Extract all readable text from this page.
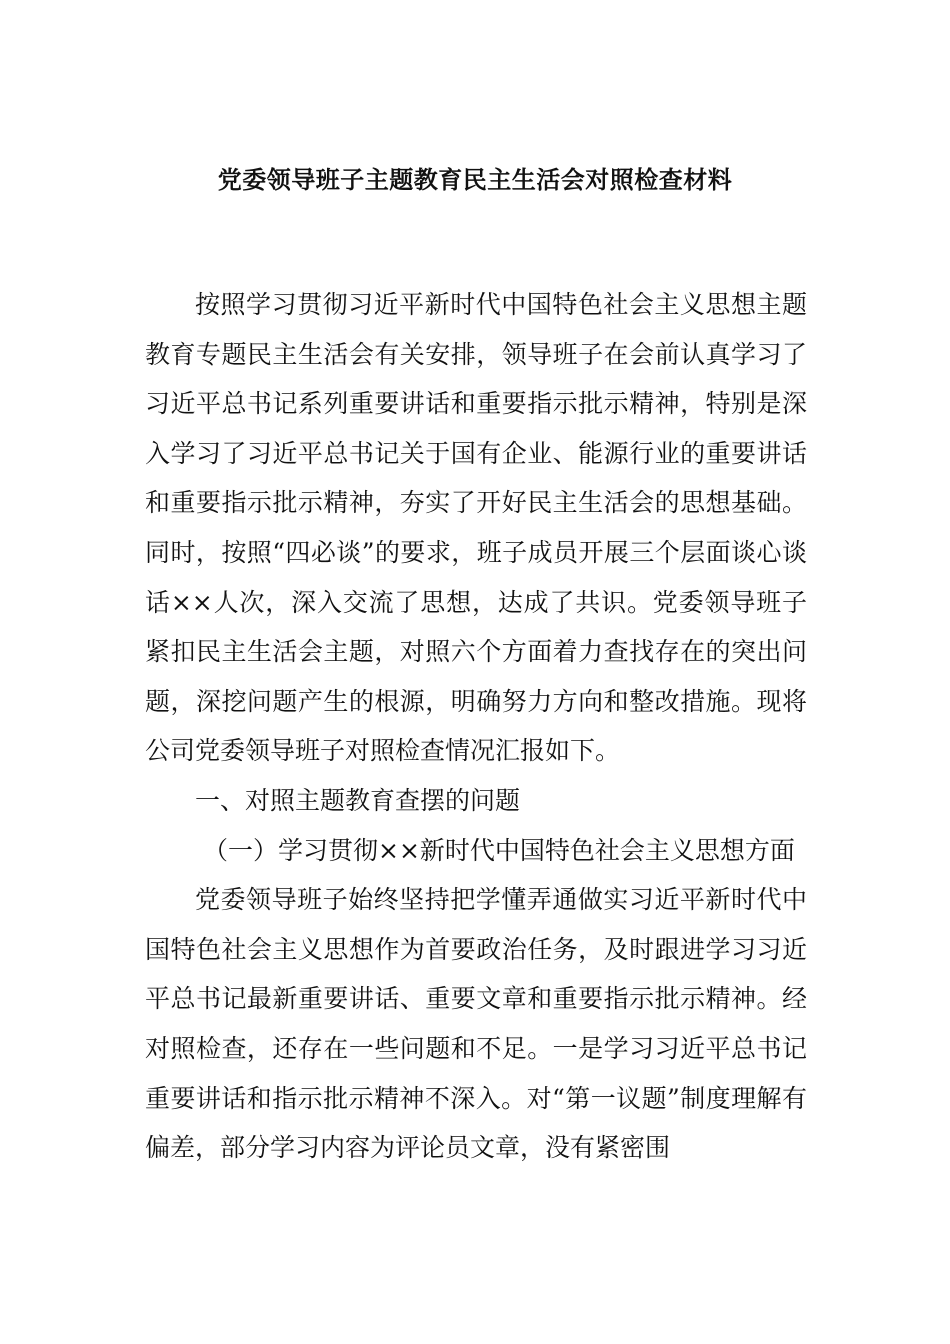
党委领导班子主题教育民主生活会对照检查材料

按照学习贯彻习近平新时代中国特色社会主义思想主题教育专题民主生活会有关安排，领导班子在会前认真学习了习近平总书记系列重要讲话和重要指示批示精神，特别是深入学习了习近平总书记关于国有企业、能源行业的重要讲话和重要指示批示精神，夯实了开好民主生活会的思想基础。同时，按照“四必谈”的要求，班子成员开展三个层面谈心谈话××人次，深入交流了思想，达成了共识。党委领导班子紧扣民主生活会主题，对照六个方面着力查找存在的突出问题，深挖问题产生的根源，明确努力方向和整改措施。现将公司党委领导班子对照检查情况汇报如下。

一、对照主题教育查摆的问题

（一）学习贯彻××新时代中国特色社会主义思想方面

党委领导班子始终坚持把学懂弄通做实习近平新时代中国特色社会主义思想作为首要政治任务，及时跟进学习习近平总书记最新重要讲话、重要文章和重要指示批示精神。经对照检查，还存在一些问题和不足。一是学习习近平总书记重要讲话和指示批示精神不深入。对“第一议题”制度理解有偏差，部分学习内容为评论员文章，没有紧密围
